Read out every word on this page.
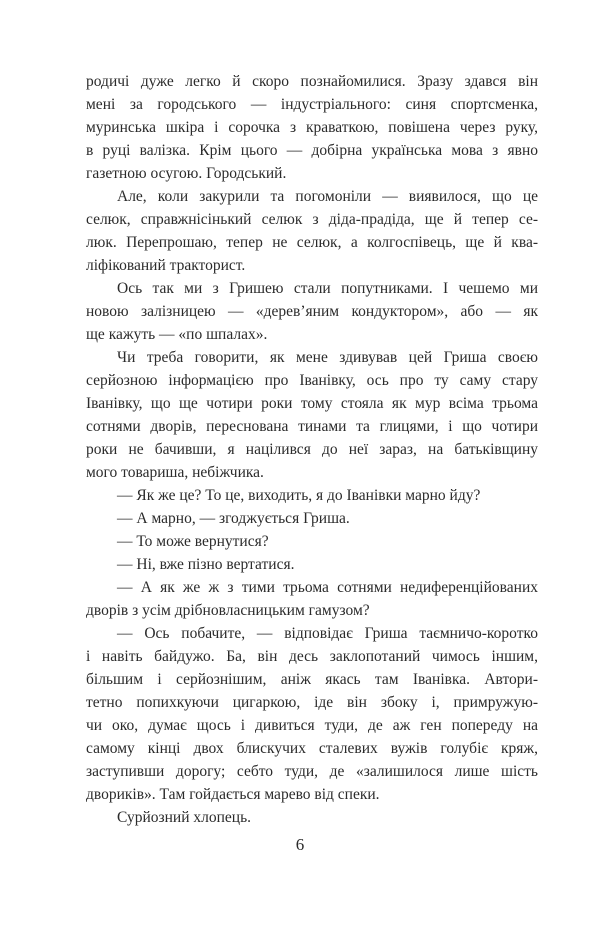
родичі дуже легко й скоро познайомилися. Зразу здався він
мені за городського — індустріального: синя спортсменка,
муринська шкіра і сорочка з краваткою, повішена через руку,
в руці валізка. Крім цього — добірна українська мова з явно
газетною осугою. Городський.
Але, коли закурили та погомоніли — виявилося, що це
селюк, справжнісінький селюк з діда-прадіда, ще й тепер се-
люк. Перепрошаю, тепер не селюк, а колгоспівець, ще й ква-
ліфікований тракторист.
Ось так ми з Гришею стали попутниками. І чешемо ми
новою залізницею — «дерев’яним кондуктором», або — як
ще кажуть — «по шпалах».
Чи треба говорити, як мене здивував цей Гриша своєю
серйозною інформацією про Іванівку, ось про ту саму стару
Іванівку, що ще чотири роки тому стояла як мур всіма трьома
сотнями дворів, переснована тинами та глицями, і що чотири
роки не бачивши, я націлився до неї зараз, на батьківщину
мого товариша, небіжчика.
— Як же це? То це, виходить, я до Іванівки марно йду?
— А марно, — згоджується Гриша.
— То може вернутися?
— Ні, вже пізно вертатися.
— А як же ж з тими трьома сотнями недиференційованих
дворів з усім дрібновласницьким гамузом?
— Ось побачите, — відповідає Гриша таємничо-коротко
і навіть байдужо. Ба, він десь заклопотаний чимось іншим,
більшим і серйознішим, аніж якась там Іванівка. Автори-
тетно попихкуючи цигаркою, іде він збоку і, примружую-
чи око, думає щось і дивиться туди, де аж ген попереду на
самому кінці двох блискучих сталевих вужів голубіє кряж,
заступивши дорогу; себто туди, де «залишилося лише шість
двориків». Там гойдається марево від спеки.
Сурйозний хлопець.
6
